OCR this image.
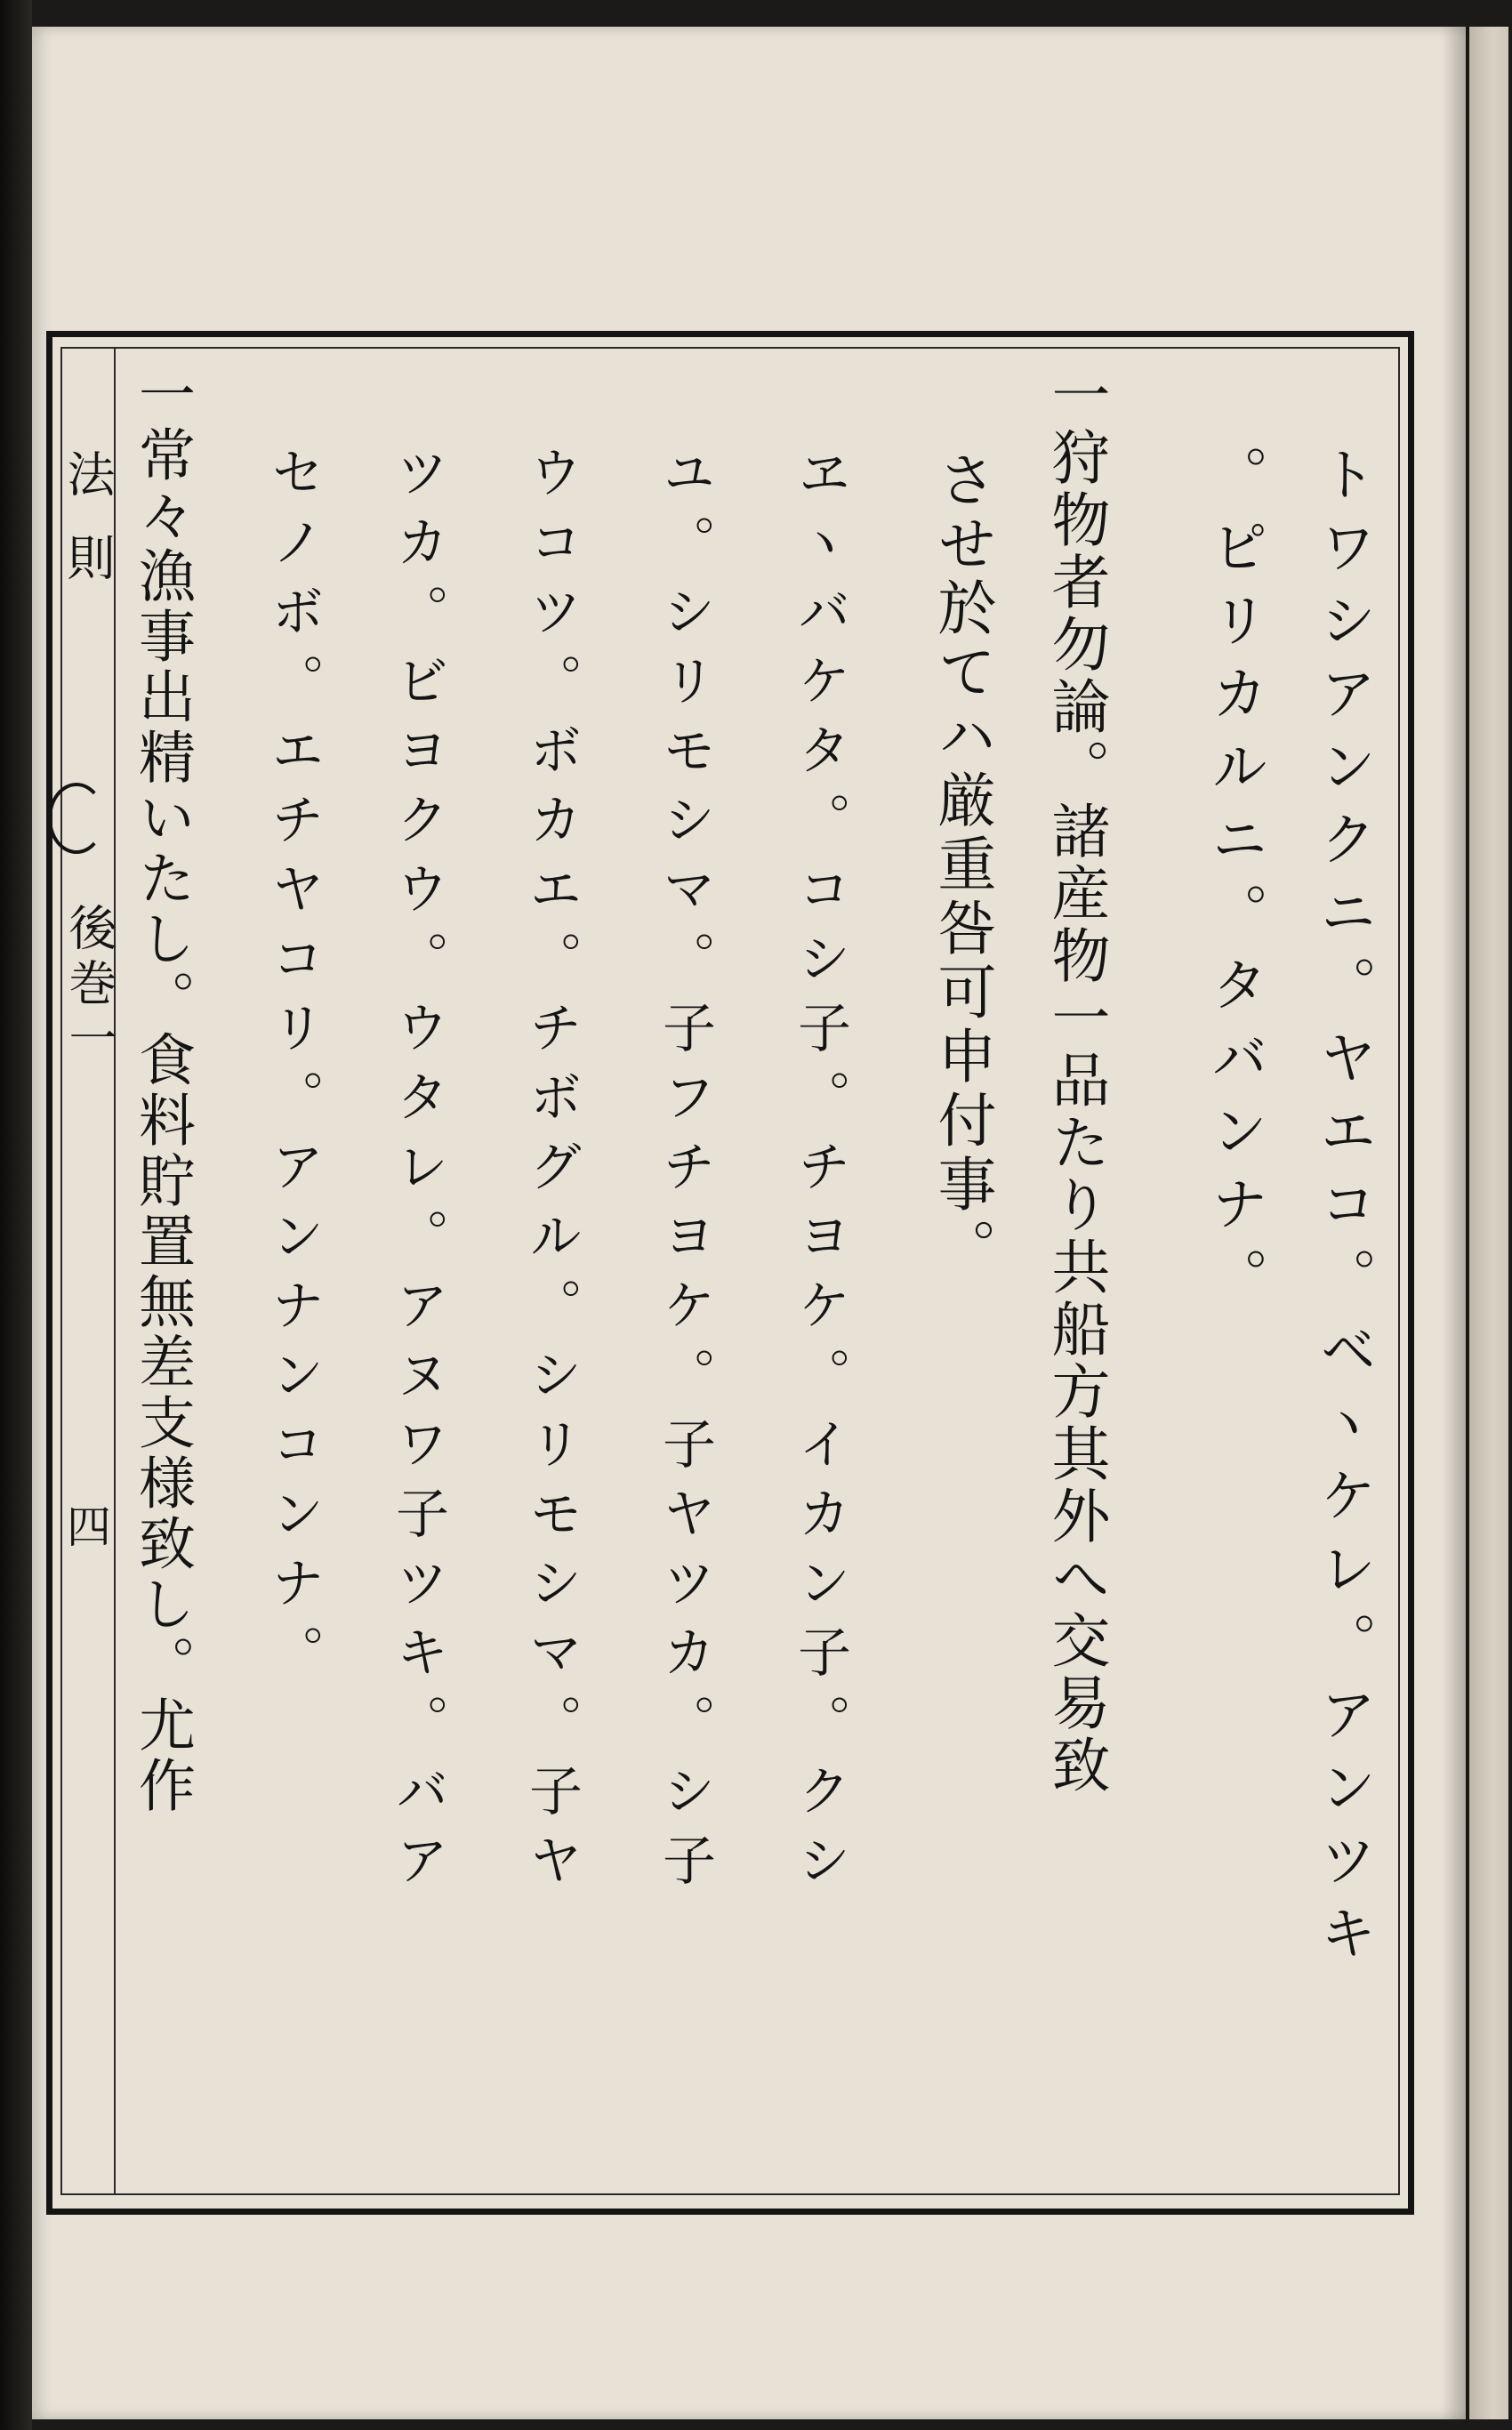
法則
後巻一
四	トワシアンクニ。ヤエコ。ベヽケレ。アンツキ
。ピリカルニ。タバンナ。
一狩物者勿論。諸産物一品たり共船方其外へ交易致
させ於てハ厳重咎可申付事。
ヱヽバケタ。コシ子。チヨケ。イカン子。クシ
ユ。シリモシマ。子フチヨケ。子ヤツカ。シ子
ウコツ。ボカエ。チボグル。シリモシマ。子ヤ
ツカ。ビヨクウ。ウタレ。アヌワ子ツキ。バア
セノボ。エチヤコリ。アンナンコンナ。
一常々漁事出精いたし。食料貯置無差支様致し。尤作
